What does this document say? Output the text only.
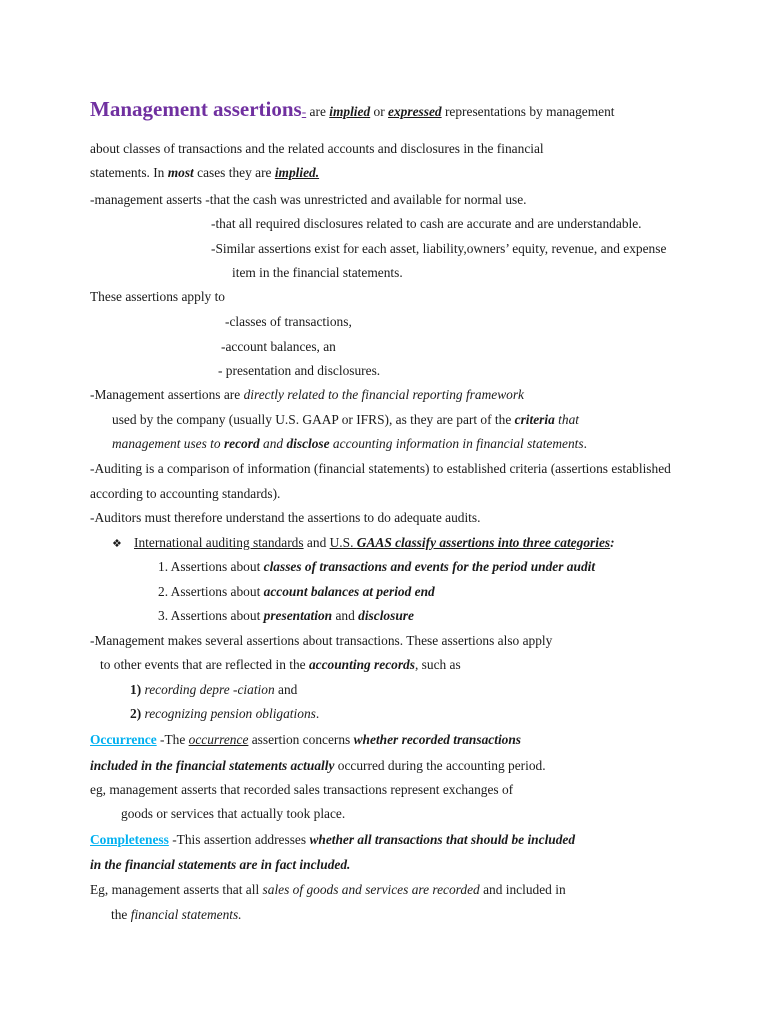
Management assertions- are implied or expressed representations by management
about classes of transactions and the related accounts and disclosures in the financial
statements. In most cases they are implied.
-management asserts -that the cash was unrestricted and available for normal use.
-that all required disclosures related to cash are accurate and are understandable.
-Similar assertions exist for each asset, liability,owners’ equity, revenue, and expense
item in the financial statements.
These assertions apply to
-classes of transactions,
-account balances, an
- presentation and disclosures.
-Management assertions are directly related to the financial reporting framework
used by the company (usually U.S. GAAP or IFRS), as they are part of the criteria that
management uses to record and disclose accounting information in financial statements.
-Auditing is a comparison of information (financial statements) to established criteria (assertions established
according to accounting standards).
-Auditors must therefore understand the assertions to do adequate audits.
❖ International auditing standards and U.S. GAAS classify assertions into three categories:
1. Assertions about classes of transactions and events for the period under audit
2. Assertions about account balances at period end
3. Assertions about presentation and disclosure
-Management makes several assertions about transactions. These assertions also apply
to other events that are reflected in the accounting records, such as
1) recording depre -ciation and
2) recognizing pension obligations.
Occurrence -The occurrence assertion concerns whether recorded transactions
included in the financial statements actually occurred during the accounting period.
eg, management asserts that recorded sales transactions represent exchanges of
goods or services that actually took place.
Completeness -This assertion addresses whether all transactions that should be included
in the financial statements are in fact included.
Eg, management asserts that all sales of goods and services are recorded and included in
the financial statements.
